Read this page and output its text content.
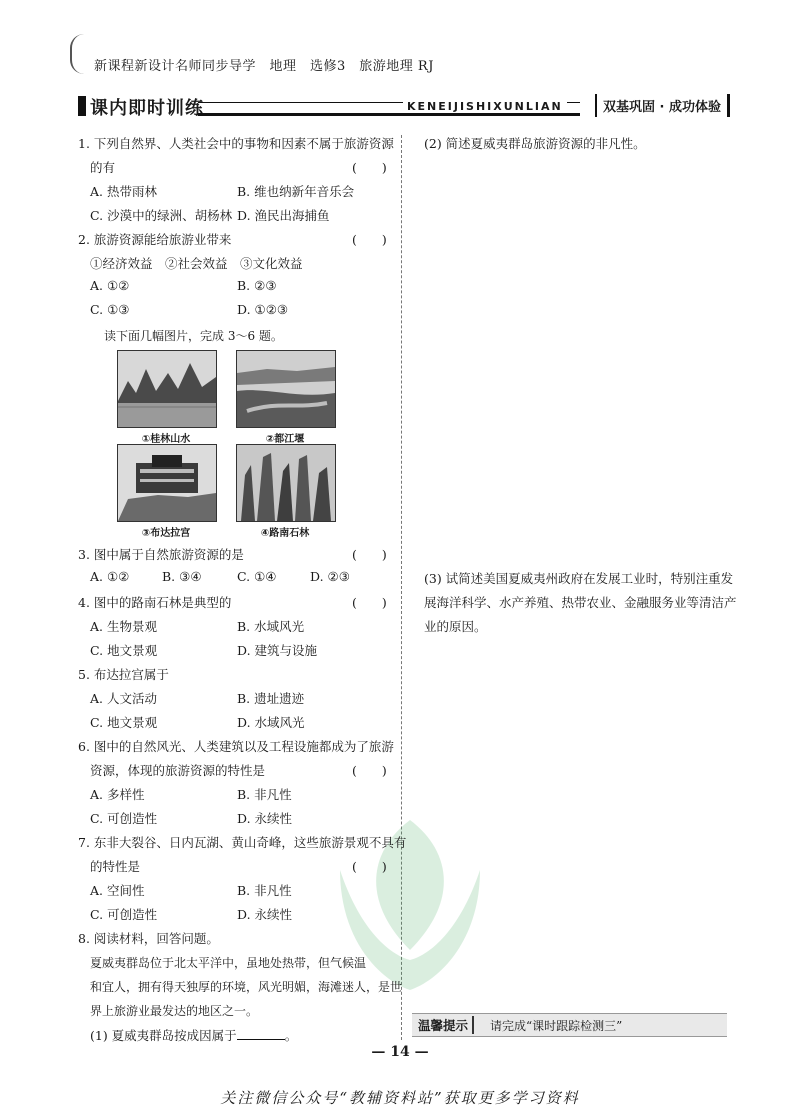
新课程新设计名师同步导学　地理　选修3　旅游地理 RJ
课内即时训练	KENEIJISHIXUNLIAN	双基巩固 · 成功体验
1. 下列自然界、人类社会中的事物和因素不属于旅游资源
的有	(　　)
A. 热带雨林	B. 维也纳新年音乐会
C. 沙漠中的绿洲、胡杨林 D. 渔民出海捕鱼
2. 旅游资源能给旅游业带来	(　　)
①经济效益　②社会效益　③文化效益
A. ①②	B. ②③
C. ①③	D. ①②③
读下面几幅图片，完成 3～6 题。
①桂林山水	②都江堰
③布达拉宫	④路南石林
3. 图中属于自然旅游资源的是	(　　)
A. ①②	B. ③④	C. ①④	D. ②③
4. 图中的路南石林是典型的	(　　)
A. 生物景观	B. 水域风光
C. 地文景观	D. 建筑与设施
5. 布达拉宫属于
A. 人文活动	B. 遗址遗迹
C. 地文景观	D. 水域风光
6. 图中的自然风光、人类建筑以及工程设施都成为了旅游
资源，体现的旅游资源的特性是	(　　)
A. 多样性	B. 非凡性
C. 可创造性	D. 永续性
7. 东非大裂谷、日内瓦湖、黄山奇峰，这些旅游景观不具有
的特性是	(　　)
A. 空间性	B. 非凡性
C. 可创造性	D. 永续性
8. 阅读材料，回答问题。
夏威夷群岛位于北太平洋中，虽地处热带，但气候温
和宜人，拥有得天独厚的环境，风光明媚，海滩迷人，是世
界上旅游业最发达的地区之一。
(1) 夏威夷群岛按成因属于	。
(2) 简述夏威夷群岛旅游资源的非凡性。
(3) 试简述美国夏威夷州政府在发展工业时，特别注重发
展海洋科学、水产养殖、热带农业、金融服务业等清洁产
业的原因。
温馨提示	请完成“课时跟踪检测三”
— 14 —
关注微信公众号“教辅资料站”获取更多学习资料
